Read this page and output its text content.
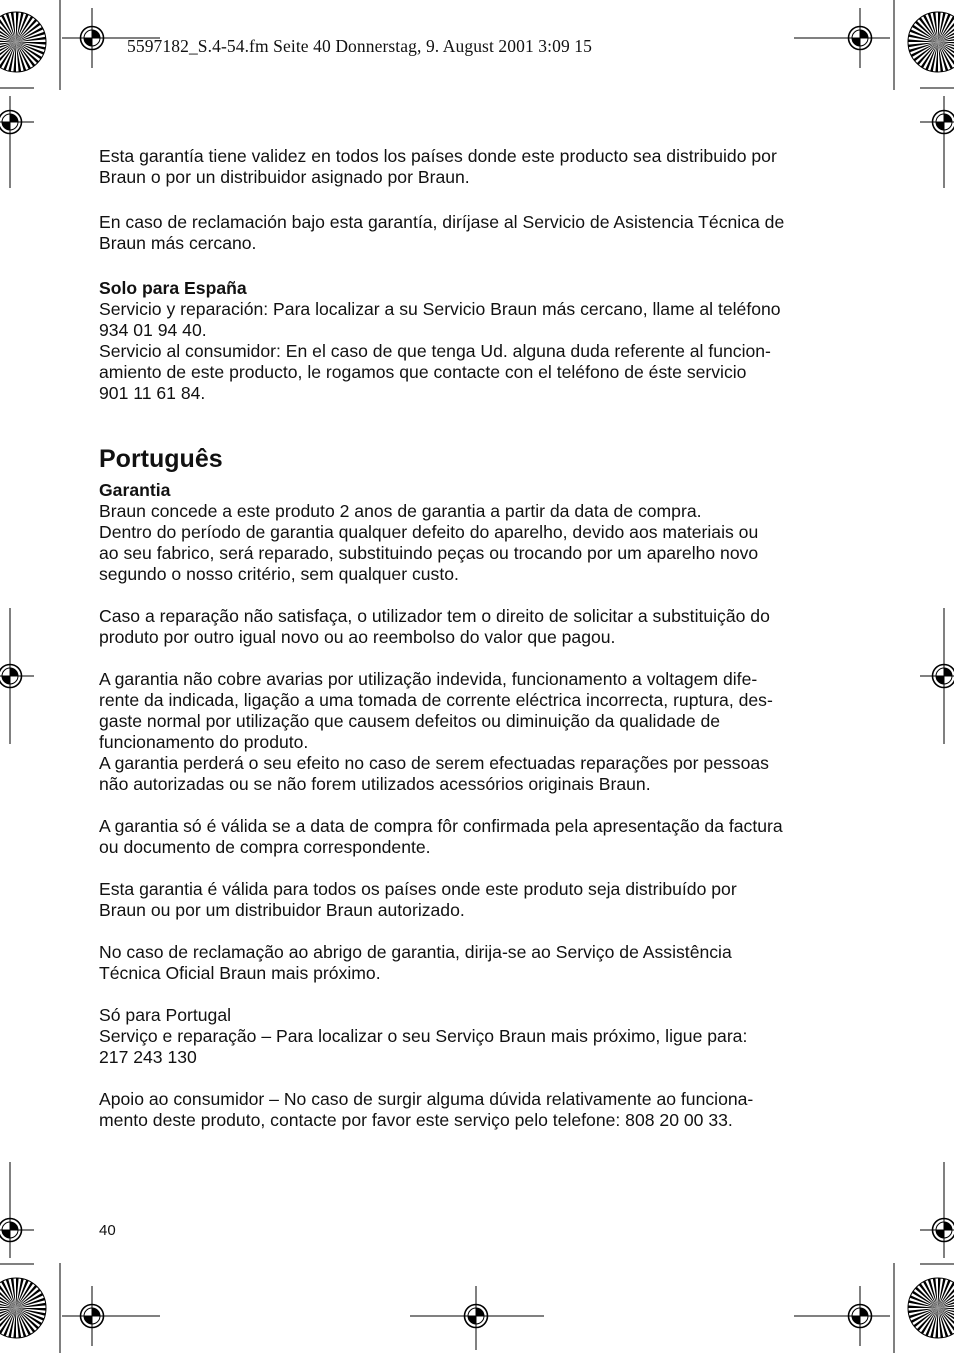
5597182_S.4-54.fm Seite 40 Donnerstag, 9. August 2001 3:09 15

Esta garantía tiene validez en todos los países donde este producto sea distribuido por
Braun o por un distribuidor asignado por Braun.

En caso de reclamación bajo esta garantía, diríjase al Servicio de Asistencia Técnica de
Braun más cercano.

Solo para España

Servicio y reparación: Para localizar a su Servicio Braun más cercano, llame al teléfono
934 01 94 40.

Servicio al consumidor: En el caso de que tenga Ud. alguna duda referente al funcion-
amiento de este producto, le rogamos que contacte con el teléfono de éste servicio
901 11 61 84.

Português

Garantia

Braun concede a este produto 2 anos de garantia a partir da data de compra.
Dentro do período de garantia qualquer defeito do aparelho, devido aos materiais ou
ao seu fabrico, será reparado, substituindo peças ou trocando por um aparelho novo
segundo o nosso critério, sem qualquer custo.

Caso a reparação não satisfaça, o utilizador tem o direito de solicitar a substituição do
produto por outro igual novo ou ao reembolso do valor que pagou.

A garantia não cobre avarias por utilização indevida, funcionamento a voltagem dife-
rente da indicada, ligação a uma tomada de corrente eléctrica incorrecta, ruptura, des-
gaste normal por utilização que causem defeitos ou diminuição da qualidade de
funcionamento do produto.
A garantia perderá o seu efeito no caso de serem efectuadas reparações por pessoas
não autorizadas ou se não forem utilizados acessórios originais Braun.

A garantia só é válida se a data de compra fôr confirmada pela apresentação da factura
ou documento de compra correspondente.

Esta garantia é válida para todos os países onde este produto seja distribuído por
Braun ou por um distribuidor Braun autorizado.

No caso de reclamação ao abrigo de garantia, dirija-se ao Serviço de Assistência
Técnica Oficial Braun mais próximo.

Só para Portugal
Serviço e reparação – Para localizar o seu Serviço Braun mais próximo, ligue para:
217 243 130

Apoio ao consumidor – No caso de surgir alguma dúvida relativamente ao funciona-
mento deste produto, contacte por favor este serviço pelo telefone: 808 20 00 33.

40
